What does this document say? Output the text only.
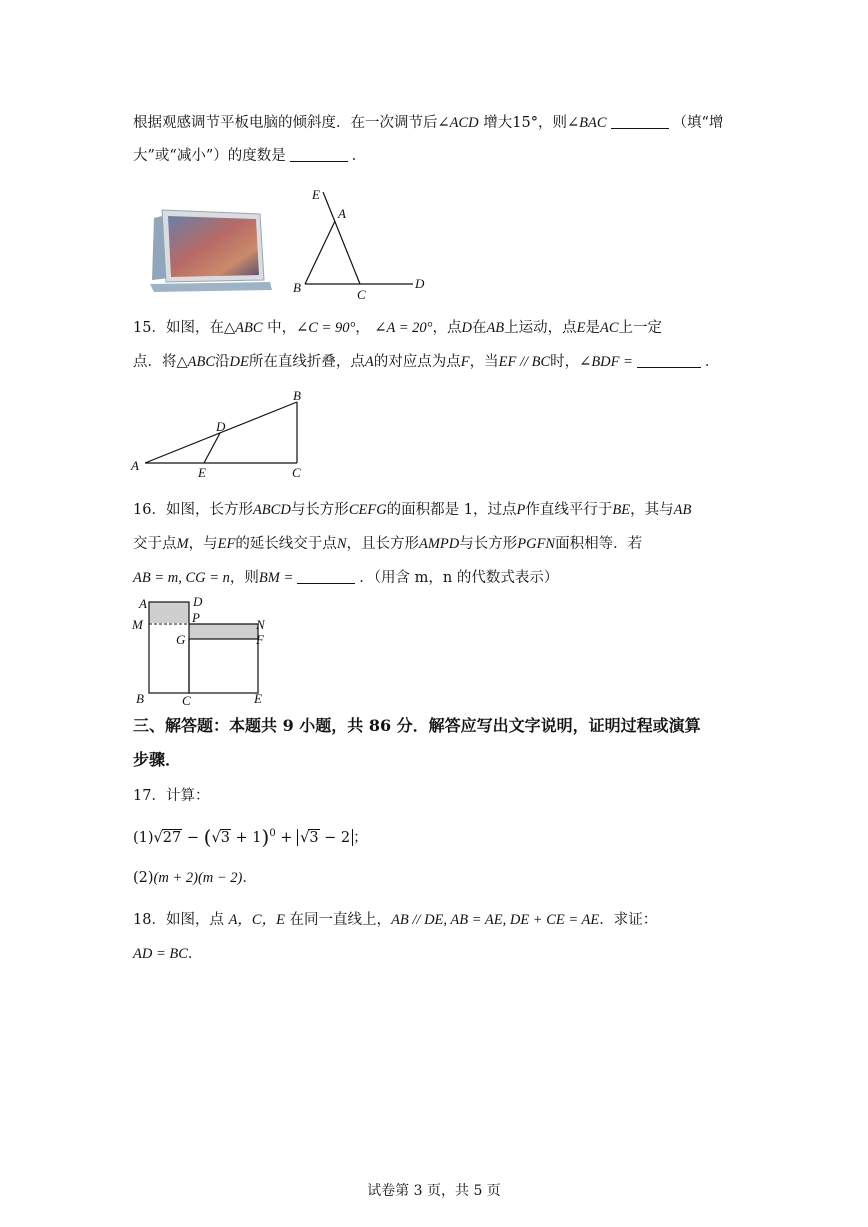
根据观感调节平板电脑的倾斜度．在一次调节后∠ACD 增大15°，则∠BAC	（填“增
大”或“减小”）的度数是	．
E
A
B	C
D
15．如图，在△ABC 中，∠C = 90°， ∠A = 20°，点D在AB上运动，点E是AC上一定
点．将△ABC沿DE所在直线折叠，点A的对应点为点F，当EF // BC时，∠BDF =	．
A
B
C
D
E
16．如图，长方形ABCD与长方形CEFG的面积都是 1，过点P作直线平行于BE，其与AB
交于点M，与EF的延长线交于点N，且长方形AMPD与长方形PGFN面积相等．若
AB = m, CG = n，则BM =	．（用含 m，n 的代数式表示）
A	D
P
M	N
G	F
B	C	E
三、解答题：本题共 9 小题，共 86 分．解答应写出文字说明，证明过程或演算
步骤．
17．计算：
$(1)√27 - (√3 + 1)^0 + √3 - 2$ ；
(2)(m + 2)(m − 2)．
18．如图，点 A，C，E 在同一直线上，AB // DE, AB = AE, DE + CE = AE．求证：
AD = BC．
试卷第 3 页，共 5 页
